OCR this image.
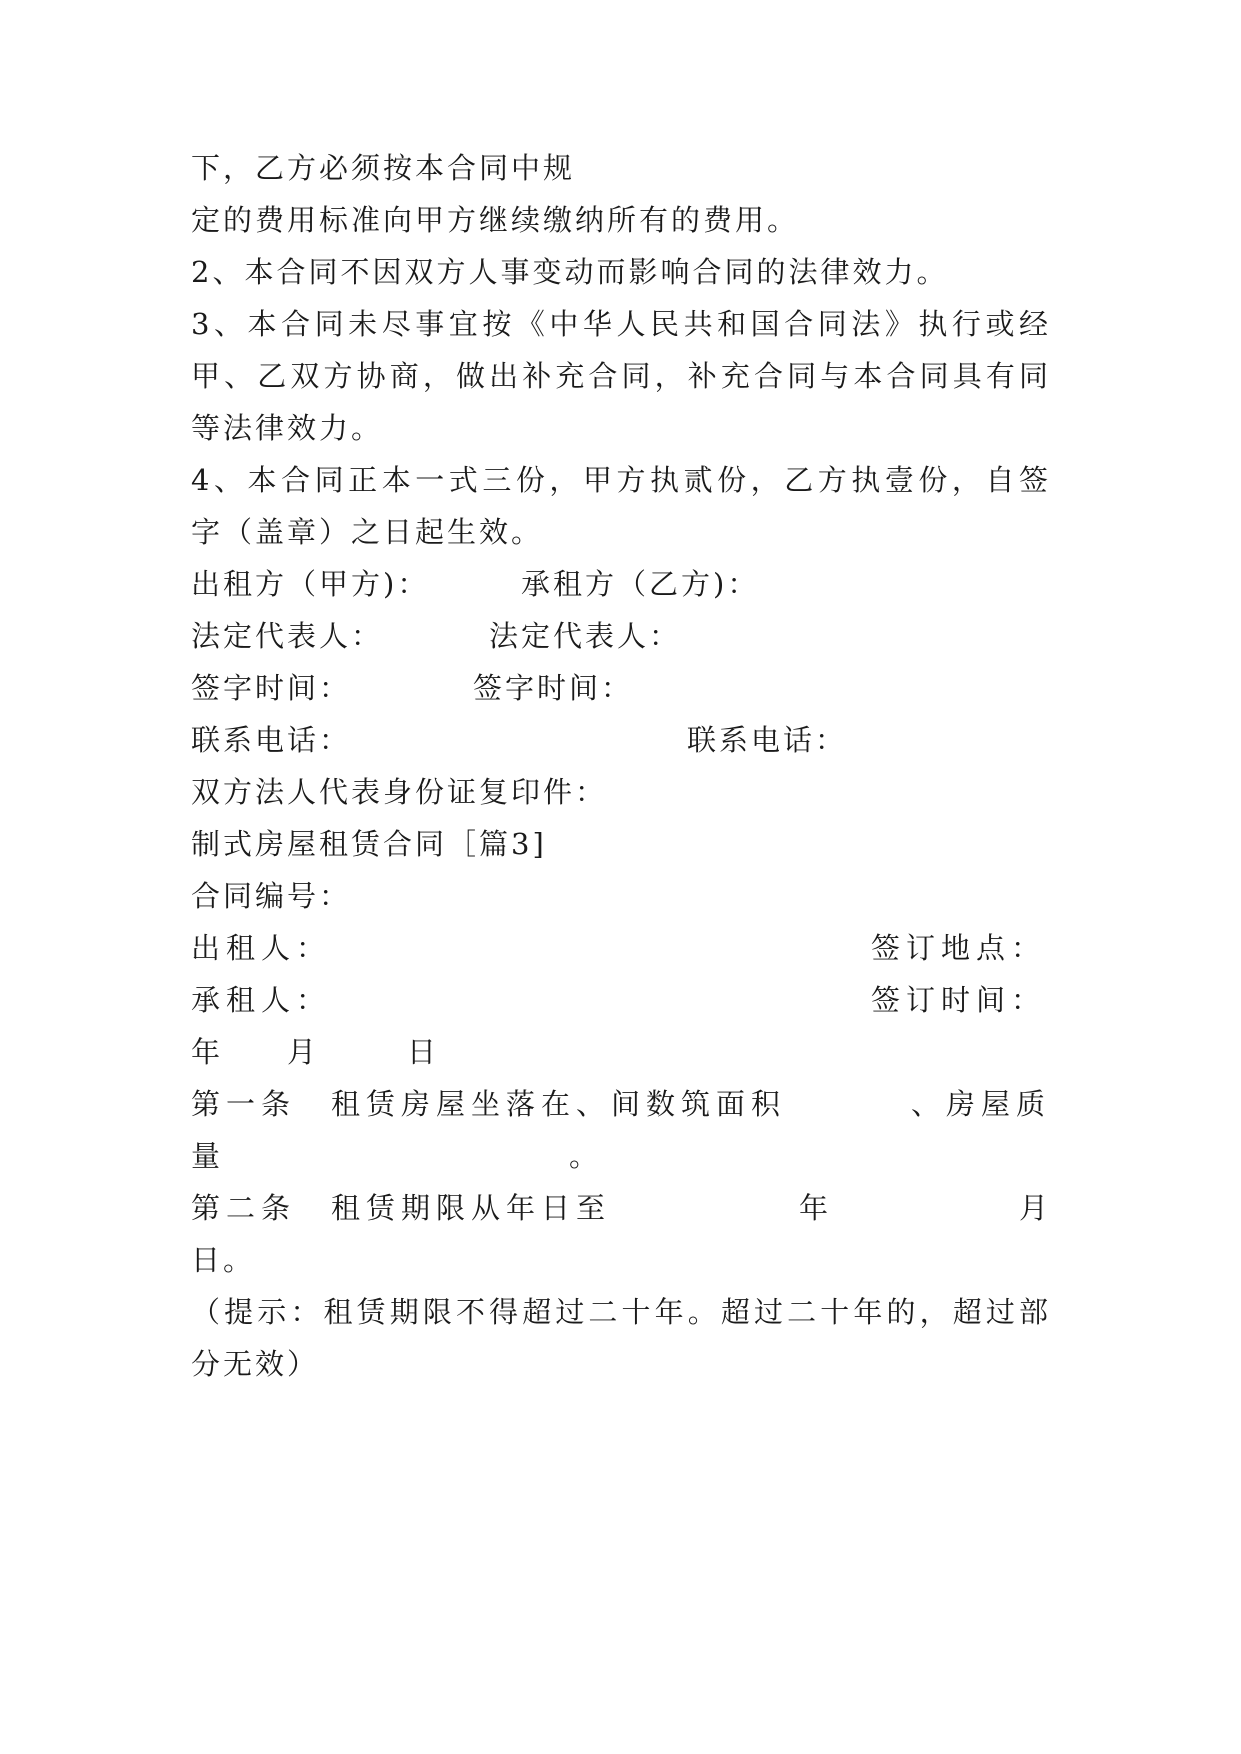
下，乙方必须按本合同中规
定的费用标准向甲方继续缴纳所有的费用。
2、本合同不因双方人事变动而影响合同的法律效力。
3、本合同未尽事宜按《中华人民共和国合同法》执行或经
甲、乙双方协商，做出补充合同，补充合同与本合同具有同
等法律效力。
4、本合同正本一式三份，甲方执贰份，乙方执壹份，自签
字（盖章）之日起生效。
出租方（甲方)：	承租方（乙方)：
法定代表人：	法定代表人：
签字时间：	签字时间：
联系电话：	联系电话：
双方法人代表身份证复印件：
制式房屋租赁合同［篇3]
合同编号：
出租人：	签订地点：
承租人：	签订时间：
年 月	日
第一条　租赁房屋坐落在、间数筑面积	、房屋质
量	。
第二条　租赁期限从年日至	年	月
日。
（提示：租赁期限不得超过二十年。超过二十年的，超过部
分无效）
